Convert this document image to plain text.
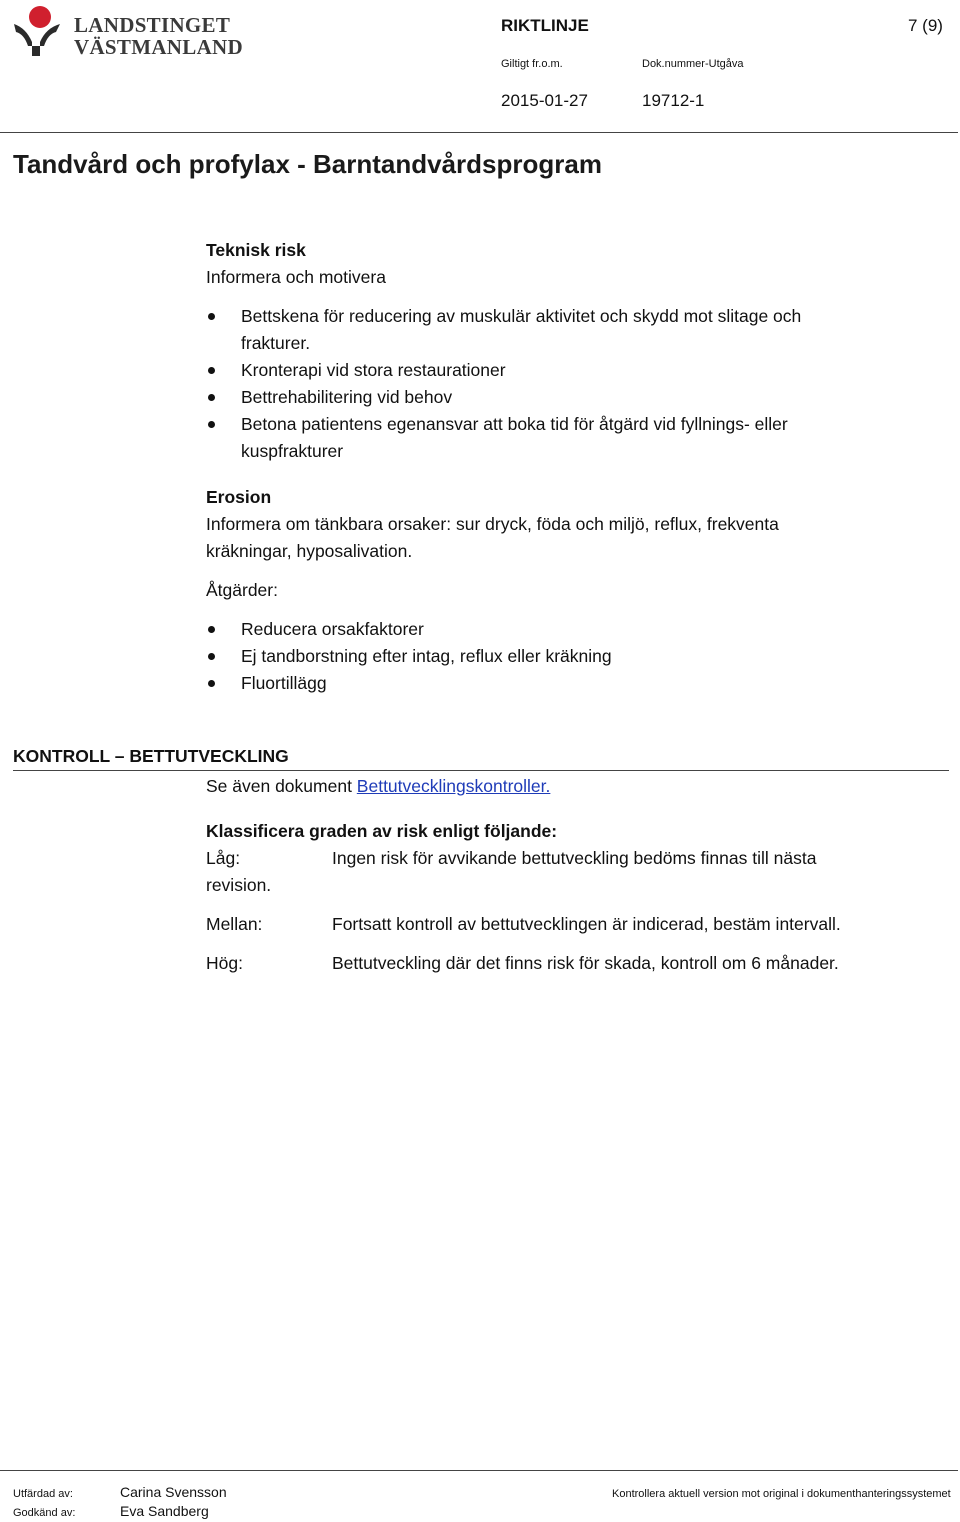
LANDSTINGET
VÄSTMANLAND
RIKTLINJE	7 (9)
Giltigt fr.o.m.	Dok.nummer-Utgåva
2015-01-27	19712-1
Tandvård och profylax - Barntandvårdsprogram
Teknisk risk
Informera och motivera
Bettskena för reducering av muskulär aktivitet och skydd mot slitage och
frakturer.
Kronterapi vid stora restaurationer
Bettrehabilitering vid behov
Betona patientens egenansvar att boka tid för åtgärd vid fyllnings- eller
kuspfrakturer
Erosion
Informera om tänkbara orsaker: sur dryck, föda och miljö, reflux, frekventa
kräkningar, hyposalivation.
Åtgärder:
Reducera orsakfaktorer
Ej tandborstning efter intag, reflux eller kräkning
Fluortillägg
KONTROLL – BETTUTVECKLING
Se även dokument Bettutvecklingskontroller.
Klassificera graden av risk enligt följande:
Låg:	Ingen risk för avvikande bettutveckling bedöms finnas till nästa
revision.
Mellan:	Fortsatt kontroll av bettutvecklingen är indicerad, bestäm intervall.
Hög:	Bettutveckling där det finns risk för skada, kontroll om 6 månader.
Utfärdad av:	Carina Svensson
Godkänd av:	Eva Sandberg
Kontrollera aktuell version mot original i dokumenthanteringssystemet
